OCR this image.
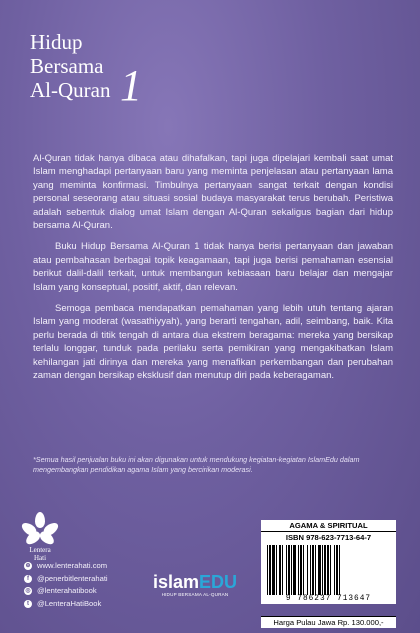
Hidup
Bersama
Al-Quran 1

Al-Quran tidak hanya dibaca atau dihafalkan, tapi juga dipelajari kembali saat umat Islam menghadapi pertanyaan baru yang meminta penjelasan atau pertanyaan lama yang meminta konfirmasi. Timbulnya pertanyaan sangat terkait dengan kondisi personal seseorang atau situasi sosial budaya masyarakat terus berubah. Peristiwa adalah sebentuk dialog umat Islam dengan Al-Quran sekaligus bagian dari hidup bersama Al-Quran.

Buku Hidup Bersama Al-Quran 1 tidak hanya berisi pertanyaan dan jawaban atau pembahasan berbagai topik keagamaan, tapi juga berisi pemahaman esensial berikut dalil-dalil terkait, untuk membangun kebiasaan baru belajar dan mengajar Islam yang konseptual, positif, aktif, dan relevan.

Semoga pembaca mendapatkan pemahaman yang lebih utuh tentang ajaran Islam yang moderat (wasathiyyah), yang berarti tengahan, adil, seimbang, baik. Kita perlu berada di titik tengah di antara dua ekstrem beragama: mereka yang bersikap terlalu longgar, tunduk pada perilaku serta pemikiran yang mengakibatkan Islam kehilangan jati dirinya dan mereka yang menafikan perkembangan dan perubahan zaman dengan bersikap eksklusif dan menutup diri pada keberagaman.

*Semua hasil penjualan buku ini akan digunakan untuk mendukung kegiatan-kegiatan IslamEdu dalam mengembangkan pendidikan agama Islam yang bercirikan moderasi.
Lentera
Hati
⊕ www.lenterahati.com
f	@penerbitlenterahati
◎ @lenterahatibook
t	@LenteraHatiBook
islamEDU
HIDUP BERSAMA AL-QURAN
AGAMA & SPIRITUAL
ISBN 978-623-7713-64-7
9 786237 713647
Harga Pulau Jawa Rp. 130.000,-
